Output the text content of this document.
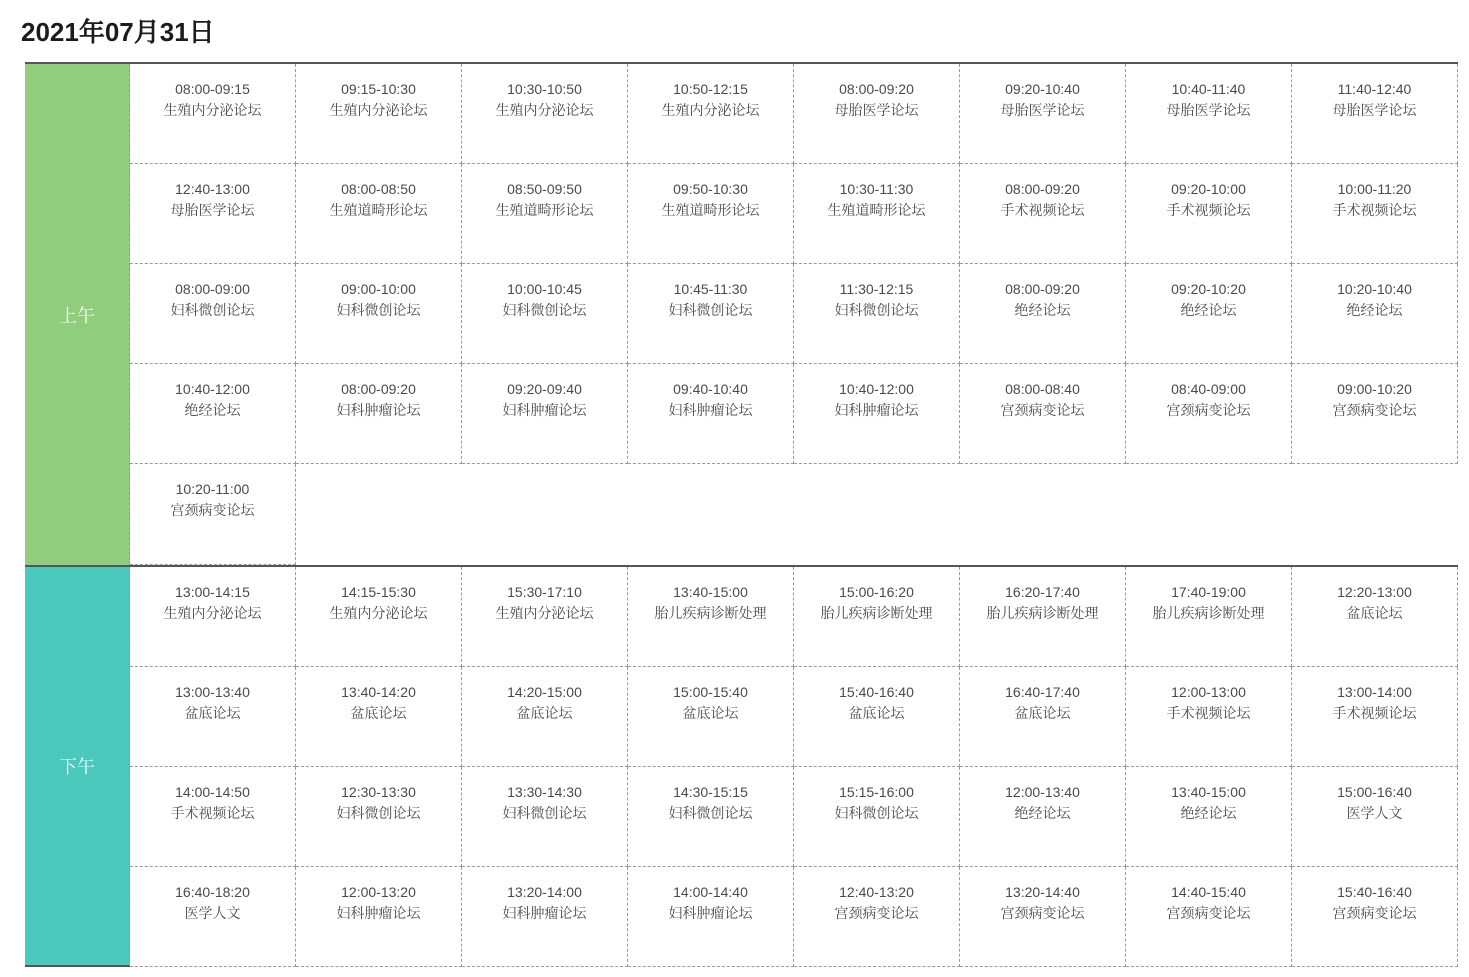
2021年07月31日
上午
08:00-09:15
生殖内分泌论坛
09:15-10:30
生殖内分泌论坛
10:30-10:50
生殖内分泌论坛
10:50-12:15
生殖内分泌论坛
08:00-09:20
母胎医学论坛
09:20-10:40
母胎医学论坛
10:40-11:40
母胎医学论坛
11:40-12:40
母胎医学论坛
12:40-13:00
母胎医学论坛
08:00-08:50
生殖道畸形论坛
08:50-09:50
生殖道畸形论坛
09:50-10:30
生殖道畸形论坛
10:30-11:30
生殖道畸形论坛
08:00-09:20
手术视频论坛
09:20-10:00
手术视频论坛
10:00-11:20
手术视频论坛
08:00-09:00
妇科微创论坛
09:00-10:00
妇科微创论坛
10:00-10:45
妇科微创论坛
10:45-11:30
妇科微创论坛
11:30-12:15
妇科微创论坛
08:00-09:20
绝经论坛
09:20-10:20
绝经论坛
10:20-10:40
绝经论坛
10:40-12:00
绝经论坛
08:00-09:20
妇科肿瘤论坛
09:20-09:40
妇科肿瘤论坛
09:40-10:40
妇科肿瘤论坛
10:40-12:00
妇科肿瘤论坛
08:00-08:40
宫颈病变论坛
08:40-09:00
宫颈病变论坛
09:00-10:20
宫颈病变论坛
10:20-11:00
宫颈病变论坛
下午
13:00-14:15
生殖内分泌论坛
14:15-15:30
生殖内分泌论坛
15:30-17:10
生殖内分泌论坛
13:40-15:00
胎儿疾病诊断处理
15:00-16:20
胎儿疾病诊断处理
16:20-17:40
胎儿疾病诊断处理
17:40-19:00
胎儿疾病诊断处理
12:20-13:00
盆底论坛
13:00-13:40
盆底论坛
13:40-14:20
盆底论坛
14:20-15:00
盆底论坛
15:00-15:40
盆底论坛
15:40-16:40
盆底论坛
16:40-17:40
盆底论坛
12:00-13:00
手术视频论坛
13:00-14:00
手术视频论坛
14:00-14:50
手术视频论坛
12:30-13:30
妇科微创论坛
13:30-14:30
妇科微创论坛
14:30-15:15
妇科微创论坛
15:15-16:00
妇科微创论坛
12:00-13:40
绝经论坛
13:40-15:00
绝经论坛
15:00-16:40
医学人文
16:40-18:20
医学人文
12:00-13:20
妇科肿瘤论坛
13:20-14:00
妇科肿瘤论坛
14:00-14:40
妇科肿瘤论坛
12:40-13:20
宫颈病变论坛
13:20-14:40
宫颈病变论坛
14:40-15:40
宫颈病变论坛
15:40-16:40
宫颈病变论坛
